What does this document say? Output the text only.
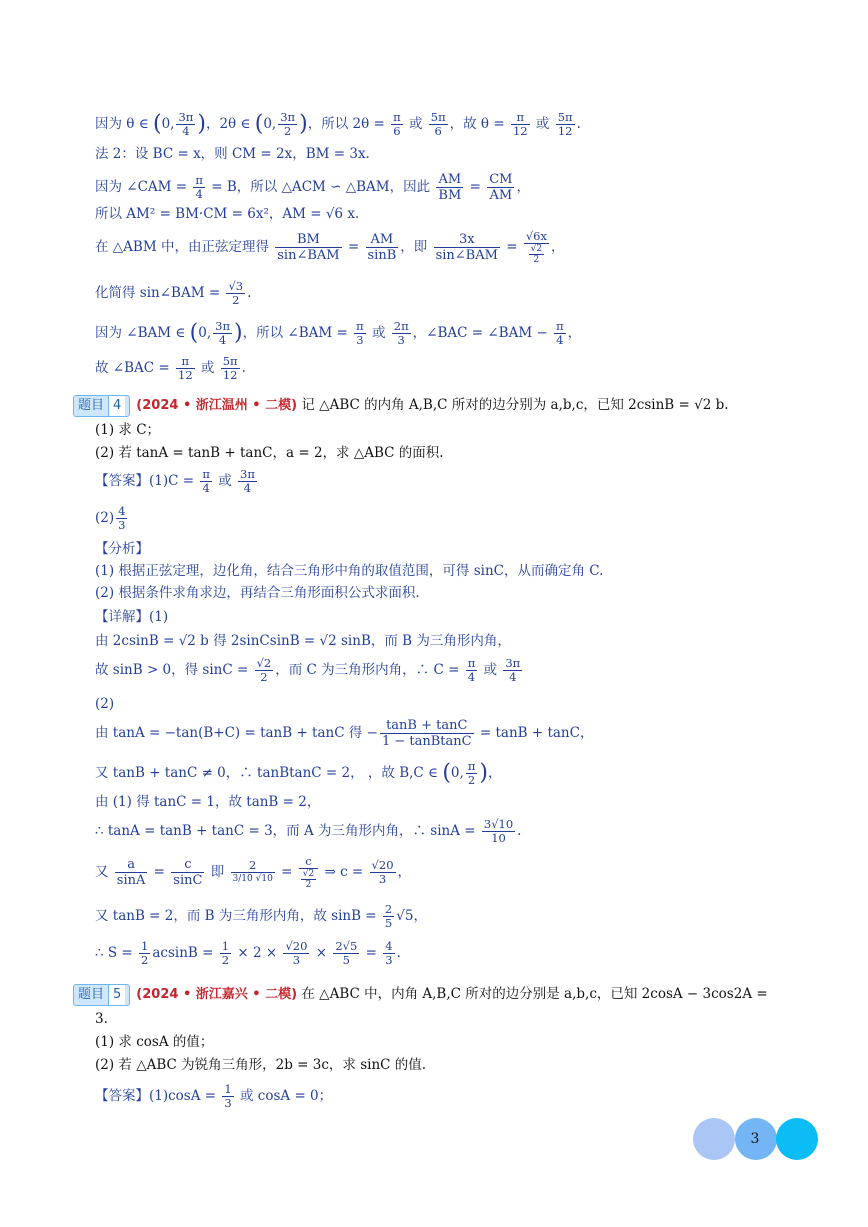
因为 θ ∈ (0, $\frac{3\pi}{4}$ )，2θ ∈ (0, $\frac{3\pi}{2}$ )，所以 $2\theta = \frac{\pi}{6}$ 或 $\frac{5\pi}{6}$ ，故 $\theta = \frac{\pi}{12}$ 或 $\frac{5\pi}{12}$ .
法 2：设 BC = x，则 CM = 2x，BM = 3x.
因为 ∠CAM = $\frac{\pi}{4} = B$，所以 △ACM ∽ △BAM，因此 $\frac{AM}{BM} = \frac{CM}{AM}$ ，
所以 AM² = BM·CM = 6x²，AM = √6 x.
在 △ABM 中，由正弦定理得 $\frac{BM}{\text{sin∠BAM}} = \frac{AM}{\sin B}$ ，即 $\frac{3x}{\text{sin∠BAM}} = \frac{√6x}{\frac{√2}{2}}$ ，
化简得 sin∠BAM = $\frac{√3}{2}$ .
因为 ∠BAM ∈ (0, $\frac{3\pi}{4}$ )，所以 ∠BAM = $\frac{\pi}{3}$ 或 $\frac{2\pi}{3}$ ，∠BAC = ∠BAM − $\frac{\pi}{4}$ ，
故 ∠BAC = $\frac{\pi}{12}$ 或 $\frac{5\pi}{12}$ .
题目 4 (2024 • 浙江温州 • 二模) 记 △ABC 的内角 A,B,C 所对的边分别为 a,b,c，已知 2csinB = √2 b.
(1) 求 C；
(2) 若 tanA = tanB + tanC，a = 2，求 △ABC 的面积.
【答案】$(1)C = \frac{\pi}{4}$ 或 $\frac{3\pi}{4}$
$(2) \frac{4}{3}$
【分析】
(1) 根据正弦定理，边化角，结合三角形中角的取值范围，可得 sinC，从而确定角 C.
(2) 根据条件求角求边，再结合三角形面积公式求面积.
【详解】(1)
由 2csinB = √2 b 得 2sinCsinB = √2 sinB，而 B 为三角形内角，
故 sinB > 0，得 $\sin C = \frac{√2}{2}$ ，而 C 为三角形内角，∴ $C = \frac{\pi}{4}$ 或 $\frac{3\pi}{4}$
(2)
由 tanA = −tan(B+C) = tanB + tanC 得 − $\frac{\tan B + \tan C}{\text{1 − tanBtanC}} = \tan B + \tan C$，
又 tanB + tanC ≠ 0，∴ tanBtanC = 2， ，故 B,C ∈ (0, $\frac{\pi}{2}$ )，
由 (1) 得 tanC = 1，故 tanB = 2，
∴ tanA = tanB + tanC = 3，而 A 为三角形内角，∴ $\sin A = \frac{3√10}{10}$ .
又 $\frac{a}{\sin A} = \frac{c}{\sin C}$ 即 $\frac{2}{3/10 √10} = \frac{c}{\frac{√2}{2}}$ ⇒ $c = \frac{√20}{3}$ ，
又 tanB = 2，而 B 为三角形内角，故 $\sin B = \frac{2}{5} √5$，
∴ $S = \frac{1}{2}$ $acsinB = \frac{1}{2} \times 2 \times \frac{√20}{3} \times \frac{2√5}{5} = \frac{4}{3}$ .
题目 5 (2024 • 浙江嘉兴 • 二模) 在 △ABC 中，内角 A,B,C 所对的边分别是 a,b,c，已知 2cosA − 3cos2A =
3.
(1) 求 cosA 的值；
(2) 若 △ABC 为锐角三角形，2b = 3c，求 sinC 的值.
【答案】$(1)\cos A = \frac{1}{3}$ 或 cosA = 0；
3
